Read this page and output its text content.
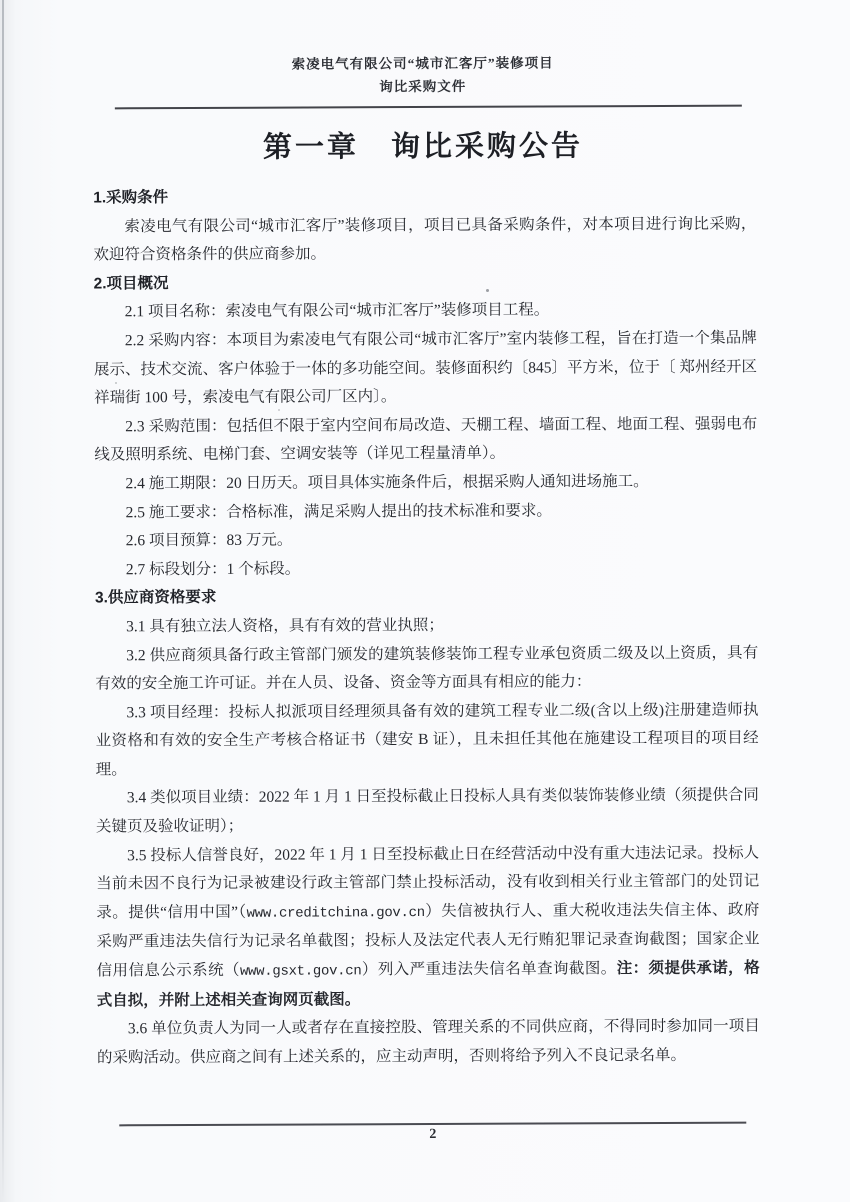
索凌电气有限公司“城市汇客厅”装修项目
询比采购文件
第一章　询比采购公告
1.采购条件

索凌电气有限公司“城市汇客厅”装修项目，项目已具备采购条件，对本项目进行询比采购，欢迎符合资格条件的供应商参加。

2.项目概况

2.1 项目名称：索凌电气有限公司“城市汇客厅”装修项目工程。

2.2 采购内容：本项目为索凌电气有限公司“城市汇客厅”室内装修工程，旨在打造一个集品牌展示、技术交流、客户体验于一体的多功能空间。装修面积约〔845〕平方米，位于〔 郑州经开区祥瑞街 100 号，索凌电气有限公司厂区内〕。

2.3 采购范围：包括但不限于室内空间布局改造、天棚工程、墙面工程、地面工程、强弱电布线及照明系统、电梯门套、空调安装等（详见工程量清单）。

2.4 施工期限：20 日历天。项目具体实施条件后，根据采购人通知进场施工。

2.5 施工要求：合格标准，满足采购人提出的技术标准和要求。

2.6 项目预算：83 万元。

2.7 标段划分：1 个标段。

3.供应商资格要求

3.1 具有独立法人资格，具有有效的营业执照；

3.2 供应商须具备行政主管部门颁发的建筑装修装饰工程专业承包资质二级及以上资质，具有有效的安全施工许可证。并在人员、设备、资金等方面具有相应的能力：

3.3 项目经理：投标人拟派项目经理须具备有效的建筑工程专业二级(含以上级)注册建造师执业资格和有效的安全生产考核合格证书（建安 B 证），且未担任其他在施建设工程项目的项目经理。

3.4 类似项目业绩：2022 年 1 月 1 日至投标截止日投标人具有类似装饰装修业绩（须提供合同关键页及验收证明）；

3.5 投标人信誉良好，2022 年 1 月 1 日至投标截止日在经营活动中没有重大违法记录。投标人当前未因不良行为记录被建设行政主管部门禁止投标活动，没有收到相关行业主管部门的处罚记录。提供“信用中国”（www.creditchina.gov.cn）失信被执行人、重大税收违法失信主体、政府采购严重违法失信行为记录名单截图；投标人及法定代表人无行贿犯罪记录查询截图；国家企业信用信息公示系统（www.gsxt.gov.cn）列入严重违法失信名单查询截图。注：须提供承诺，格式自拟，并附上述相关查询网页截图。

3.6 单位负责人为同一人或者存在直接控股、管理关系的不同供应商，不得同时参加同一项目的采购活动。供应商之间有上述关系的，应主动声明，否则将给予列入不良记录名单。

2
